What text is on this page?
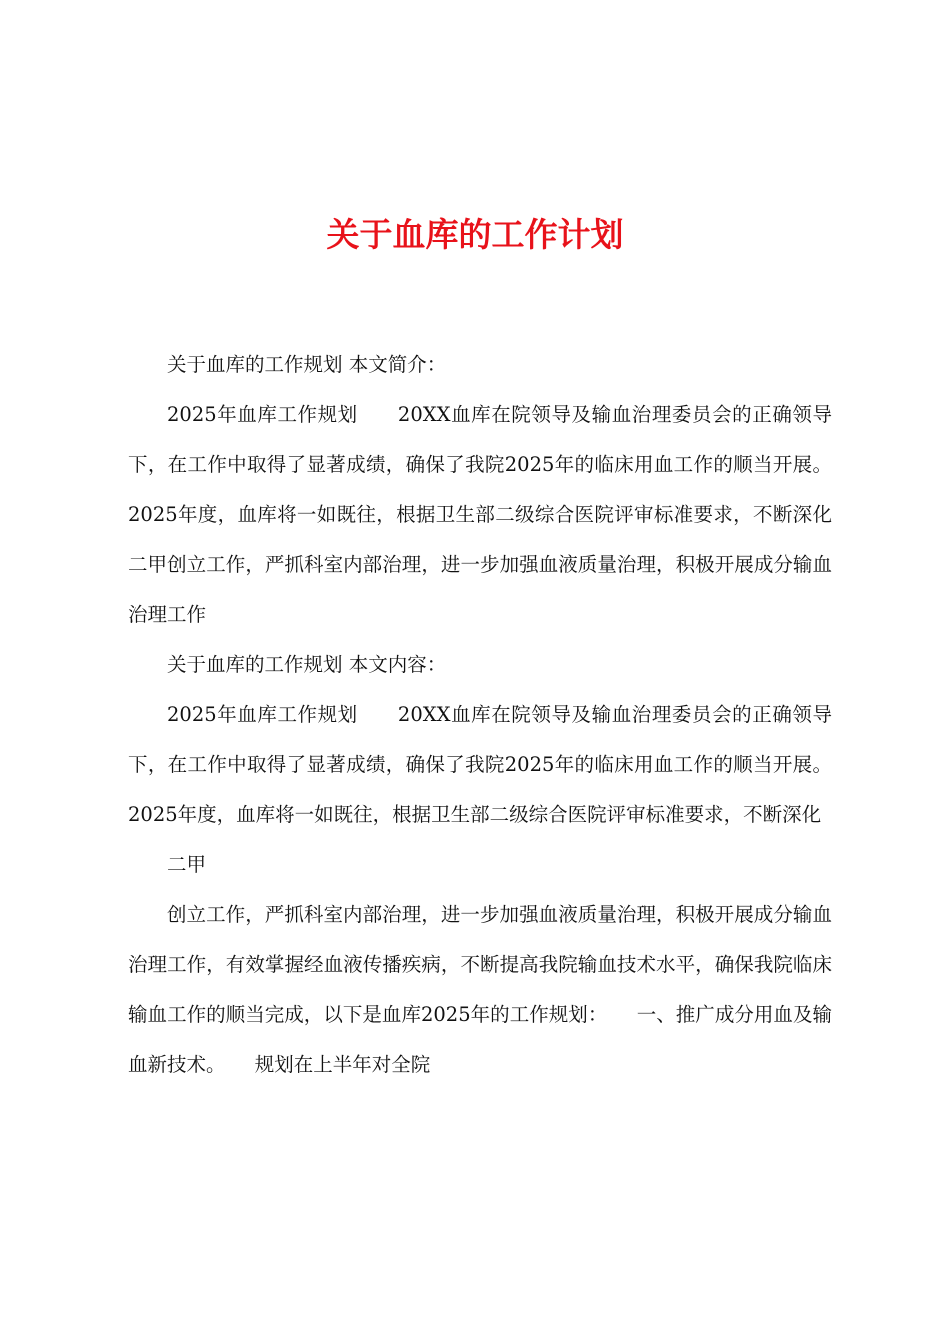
关于血库的工作计划

关于血库的工作规划 本文简介：

2025年血库工作规划　　20XX血库在院领导及输血治理委员会的正确领导下，在工作中取得了显著成绩，确保了我院2025年的临床用血工作的顺当开展。2025年度，血库将一如既往，根据卫生部二级综合医院评审标准要求，不断深化二甲创立工作，严抓科室内部治理，进一步加强血液质量治理，积极开展成分输血治理工作

关于血库的工作规划 本文内容：

2025年血库工作规划　　20XX血库在院领导及输血治理委员会的正确领导下，在工作中取得了显著成绩，确保了我院2025年的临床用血工作的顺当开展。2025年度，血库将一如既往，根据卫生部二级综合医院评审标准要求，不断深化

二甲

创立工作，严抓科室内部治理，进一步加强血液质量治理，积极开展成分输血治理工作，有效掌握经血液传播疾病，不断提高我院输血技术水平，确保我院临床输血工作的顺当完成，以下是血库2025年的工作规划：　　一、推广成分用血及输血新技术。　　规划在上半年对全院
